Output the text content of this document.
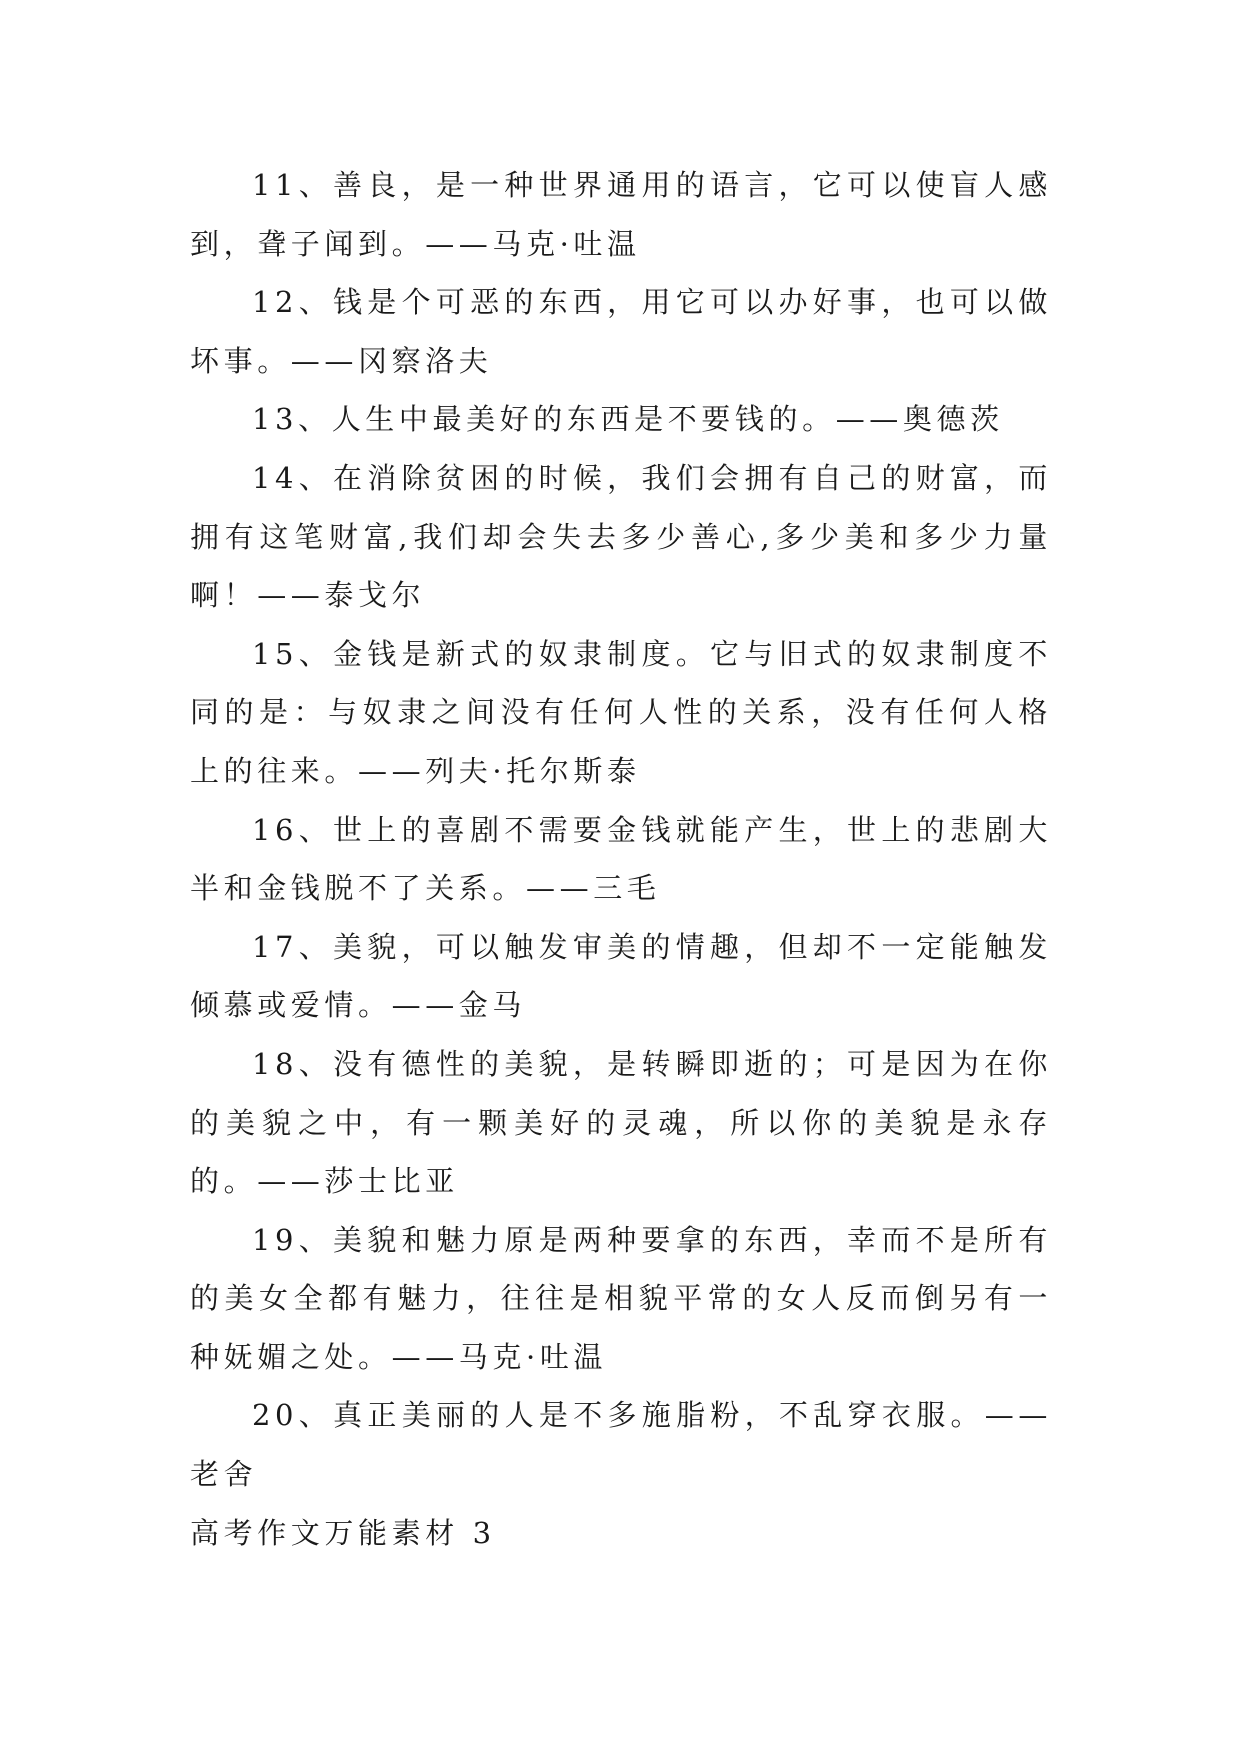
11、善良，是一种世界通用的语言，它可以使盲人感到，聋子闻到。——马克·吐温

12、钱是个可恶的东西，用它可以办好事，也可以做坏事。——冈察洛夫

13、人生中最美好的东西是不要钱的。——奥德茨

14、在消除贫困的时候，我们会拥有自己的财富，而拥有这笔财富,我们却会失去多少善心,多少美和多少力量啊！——泰戈尔

15、金钱是新式的奴隶制度。它与旧式的奴隶制度不同的是：与奴隶之间没有任何人性的关系，没有任何人格上的往来。——列夫·托尔斯泰

16、世上的喜剧不需要金钱就能产生，世上的悲剧大半和金钱脱不了关系。——三毛

17、美貌，可以触发审美的情趣，但却不一定能触发倾慕或爱情。——金马

18、没有德性的美貌，是转瞬即逝的；可是因为在你的美貌之中，有一颗美好的灵魂，所以你的美貌是永存的。——莎士比亚

19、美貌和魅力原是两种要拿的东西，幸而不是所有的美女全都有魅力，往往是相貌平常的女人反而倒另有一种妩媚之处。——马克·吐温

20、真正美丽的人是不多施脂粉，不乱穿衣服。——老舍

高考作文万能素材 3
